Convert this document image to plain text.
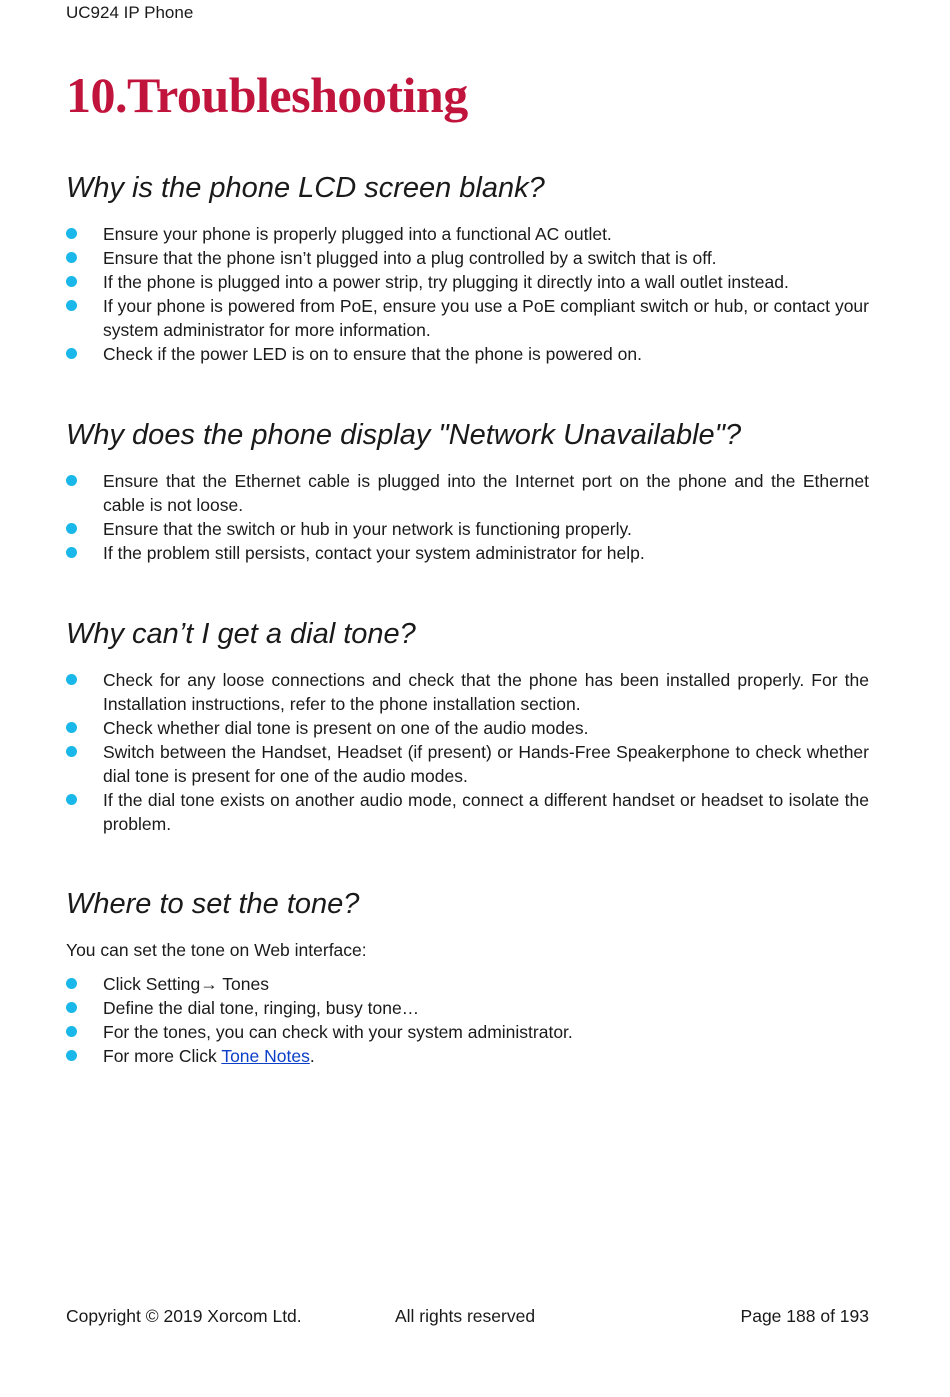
UC924 IP Phone
10.Troubleshooting
Why is the phone LCD screen blank?
Ensure your phone is properly plugged into a functional AC outlet.
Ensure that the phone isn’t plugged into a plug controlled by a switch that is off.
If the phone is plugged into a power strip, try plugging it directly into a wall outlet instead.
If your phone is powered from PoE, ensure you use a PoE compliant switch or hub, or contact your system administrator for more information.
Check if the power LED is on to ensure that the phone is powered on.
Why does the phone display "Network Unavailable"?
Ensure that the Ethernet cable is plugged into the Internet port on the phone and the Ethernet cable is not loose.
Ensure that the switch or hub in your network is functioning properly.
If the problem still persists, contact your system administrator for help.
Why can’t I get a dial tone?
Check for any loose connections and check that the phone has been installed properly. For the Installation instructions, refer to the phone installation section.
Check whether dial tone is present on one of the audio modes.
Switch between the Handset, Headset (if present) or Hands-Free Speakerphone to check whether dial tone is present for one of the audio modes.
If the dial tone exists on another audio mode, connect a different handset or headset to isolate the problem.
Where to set the tone?
You can set the tone on Web interface:
Click Setting→ Tones
Define the dial tone, ringing, busy tone…
For the tones, you can check with your system administrator.
For more Click Tone Notes.
Copyright © 2019 Xorcom Ltd.	All rights reserved	Page 188 of 193
